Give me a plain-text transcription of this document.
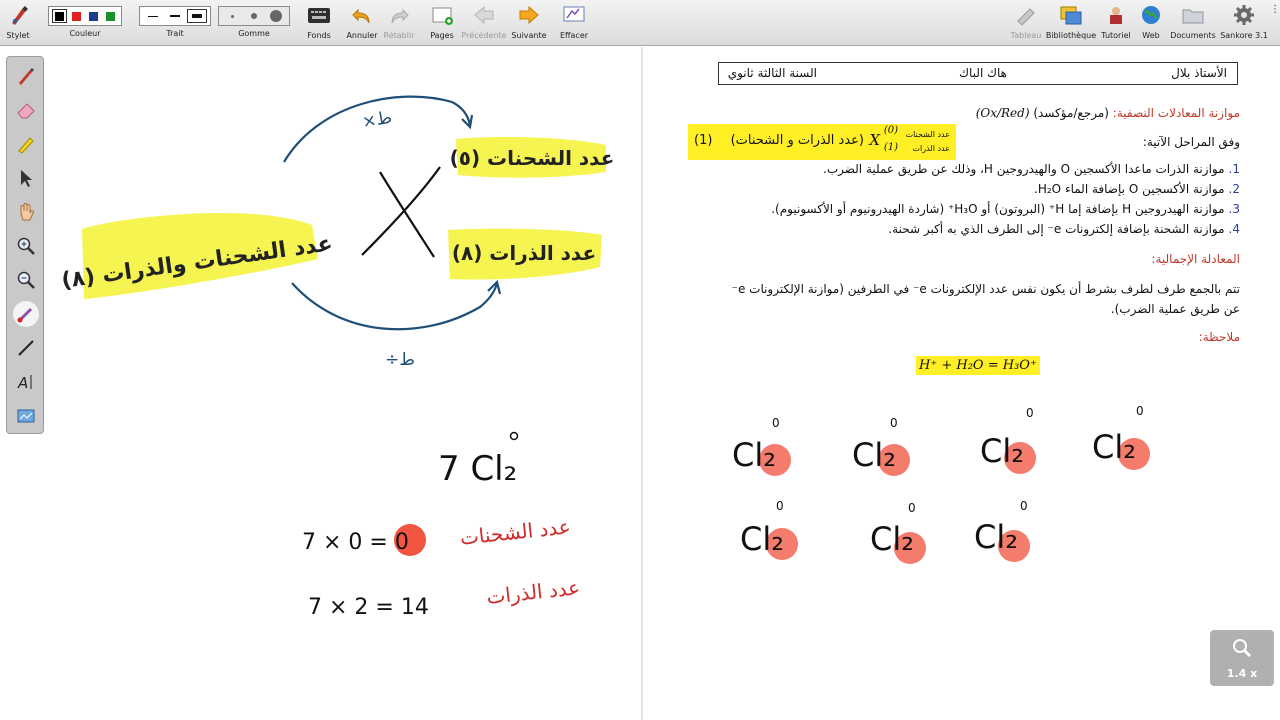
Stylet	Couleur	Trait	Gomme	Fonds Annuler Rétablir Pages Précédente Suivante Effacer	Tableau Bibliothèque Tutoriel Web Documents Sankore 3.1
⋮
A
عدد الشحنات والذرات (٨)
عدد الشحنات (٥)
عدد الذرات (٨)
×ط
÷ط
7 Cl₂
7 × 0 = 0 عدد الشحنات
7 × 2 = 14	عدد الذرات
الأستاذ بلال
هاك الباك
السنة الثالثة ثانوي
موازنة المعادلات النصفية: (مرجع/مؤكسد) (Ox/Red)
وفق المراحل الآتية:
عدد الشحنات
عدد الذرات
(0)
(1)
X
(عدد الذرات و الشحنات)
(1)
1.موازنة الذرات ماعدا الأكسجين O والهيدروجين H، وذلك عن طريق عملية الضرب.
2.موازنة الأكسجين O بإضافة الماء H₂O.
3.موازنة الهيدروجين H بإضافة إما H⁺ (البروتون) أو H₃O⁺ (شاردة الهيدرونيوم أو الأكسونيوم).
4.موازنة الشحنة بإضافة إلكترونات e⁻ إلى الطرف الذي به أكبر شحنة.
المعادلة الإجمالية:
تتم بالجمع طرف لطرف بشرط أن يكون نفس عدد الإلكترونات e⁻ في الطرفين (موازنة الإلكترونات e⁻
عن طريق عملية الضرب).
ملاحظة:
H⁺ + H₂O = H₃O⁺
Cl₂
0
Cl₂
0
Cl₂
0
Cl₂
0
Cl₂
0
Cl₂
0
Cl₂
0
1.4 x
